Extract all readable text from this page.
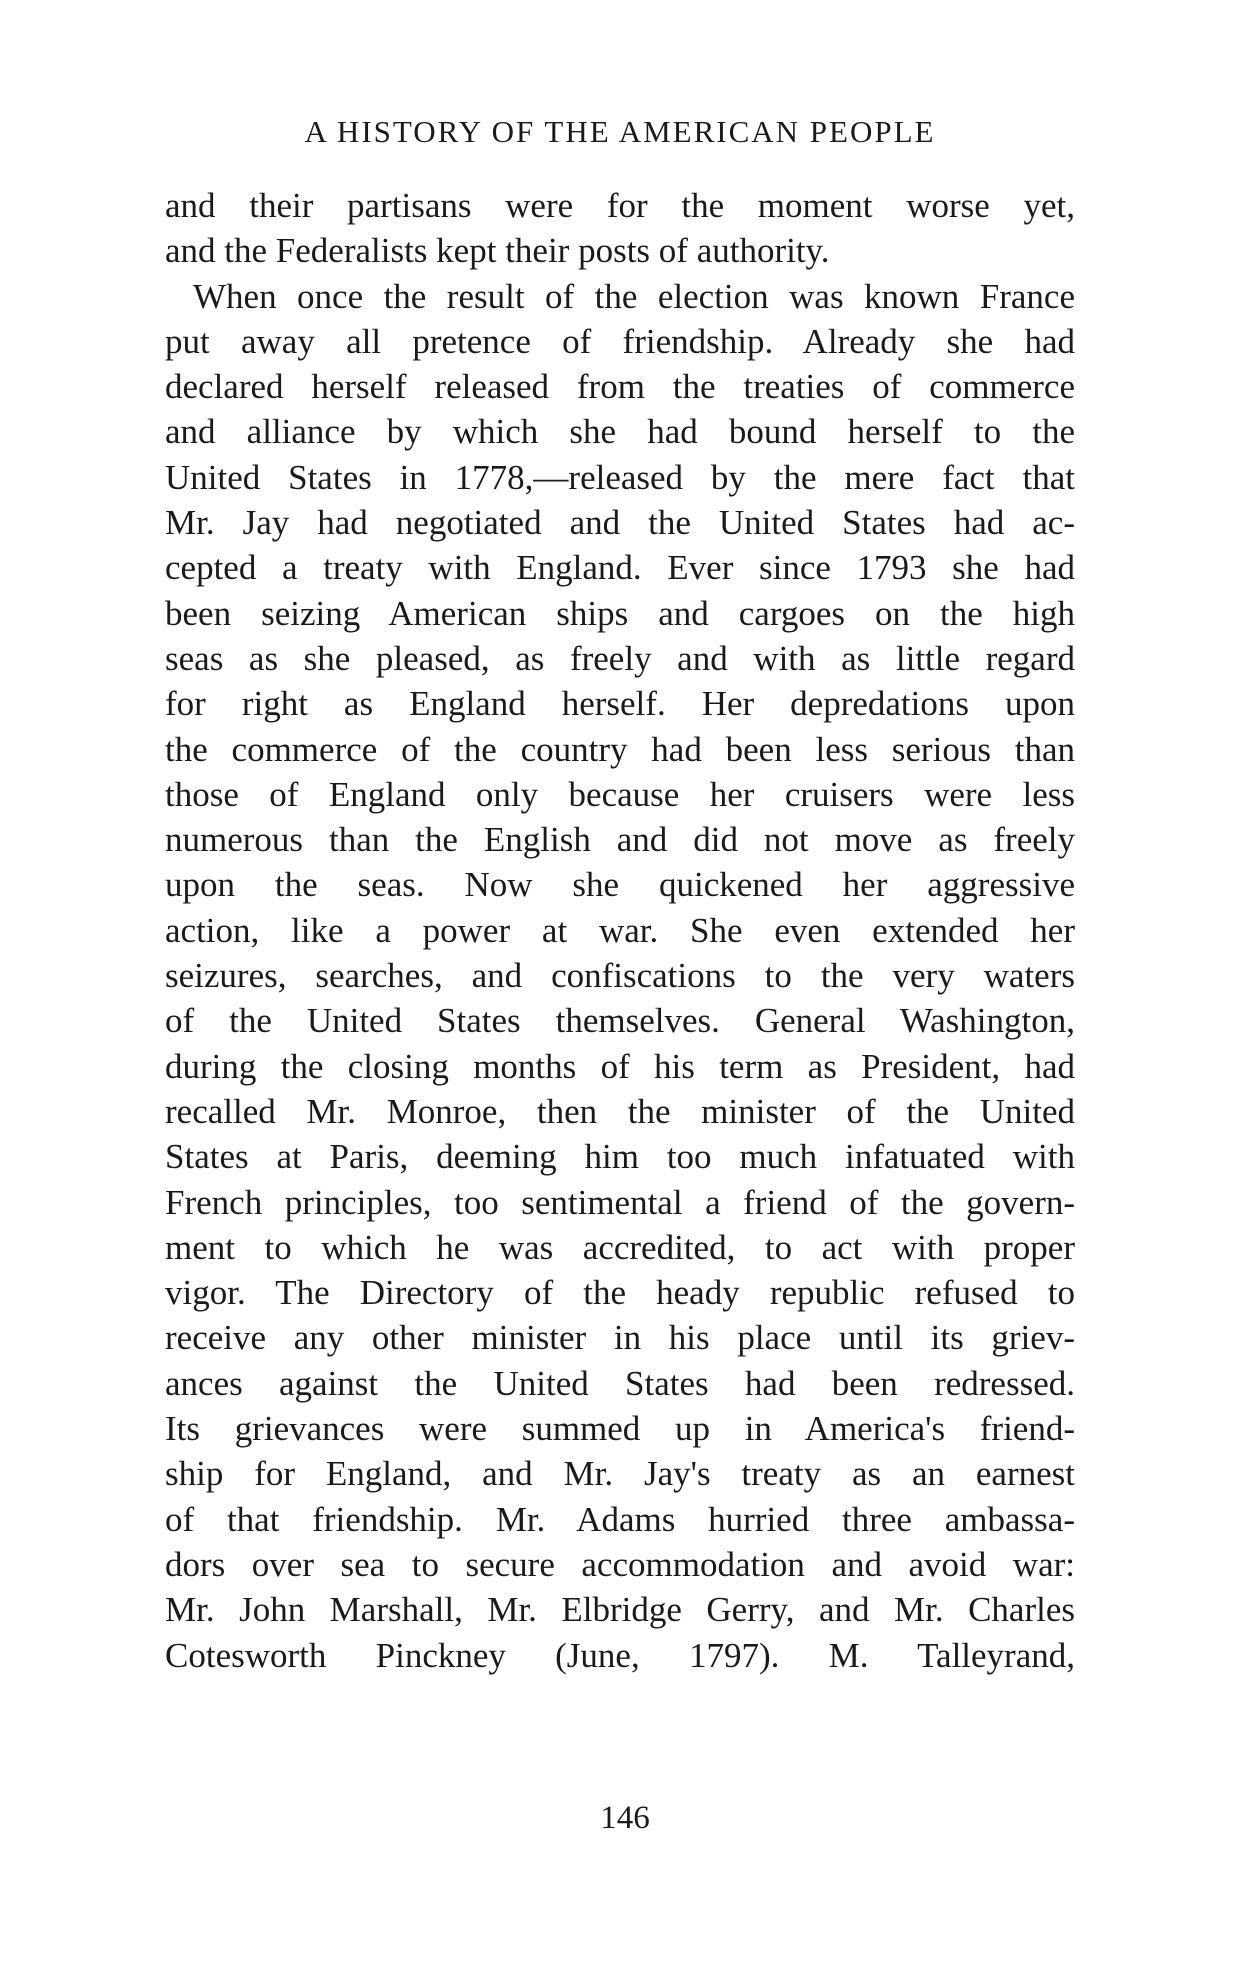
A HISTORY OF THE AMERICAN PEOPLE
and their partisans were for the moment worse yet,
and the Federalists kept their posts of authority.
When once the result of the election was known France
put away all pretence of friendship. Already she had
declared herself released from the treaties of commerce
and alliance by which she had bound herself to the
United States in 1778,—released by the mere fact that
Mr. Jay had negotiated and the United States had ac-
cepted a treaty with England. Ever since 1793 she had
been seizing American ships and cargoes on the high
seas as she pleased, as freely and with as little regard
for right as England herself. Her depredations upon
the commerce of the country had been less serious than
those of England only because her cruisers were less
numerous than the English and did not move as freely
upon the seas. Now she quickened her aggressive
action, like a power at war. She even extended her
seizures, searches, and confiscations to the very waters
of the United States themselves. General Washington,
during the closing months of his term as President, had
recalled Mr. Monroe, then the minister of the United
States at Paris, deeming him too much infatuated with
French principles, too sentimental a friend of the govern-
ment to which he was accredited, to act with proper
vigor. The Directory of the heady republic refused to
receive any other minister in his place until its griev-
ances against the United States had been redressed.
Its grievances were summed up in America's friend-
ship for England, and Mr. Jay's treaty as an earnest
of that friendship. Mr. Adams hurried three ambassa-
dors over sea to secure accommodation and avoid war:
Mr. John Marshall, Mr. Elbridge Gerry, and Mr. Charles
Cotesworth Pinckney (June, 1797). M. Talleyrand,
146
